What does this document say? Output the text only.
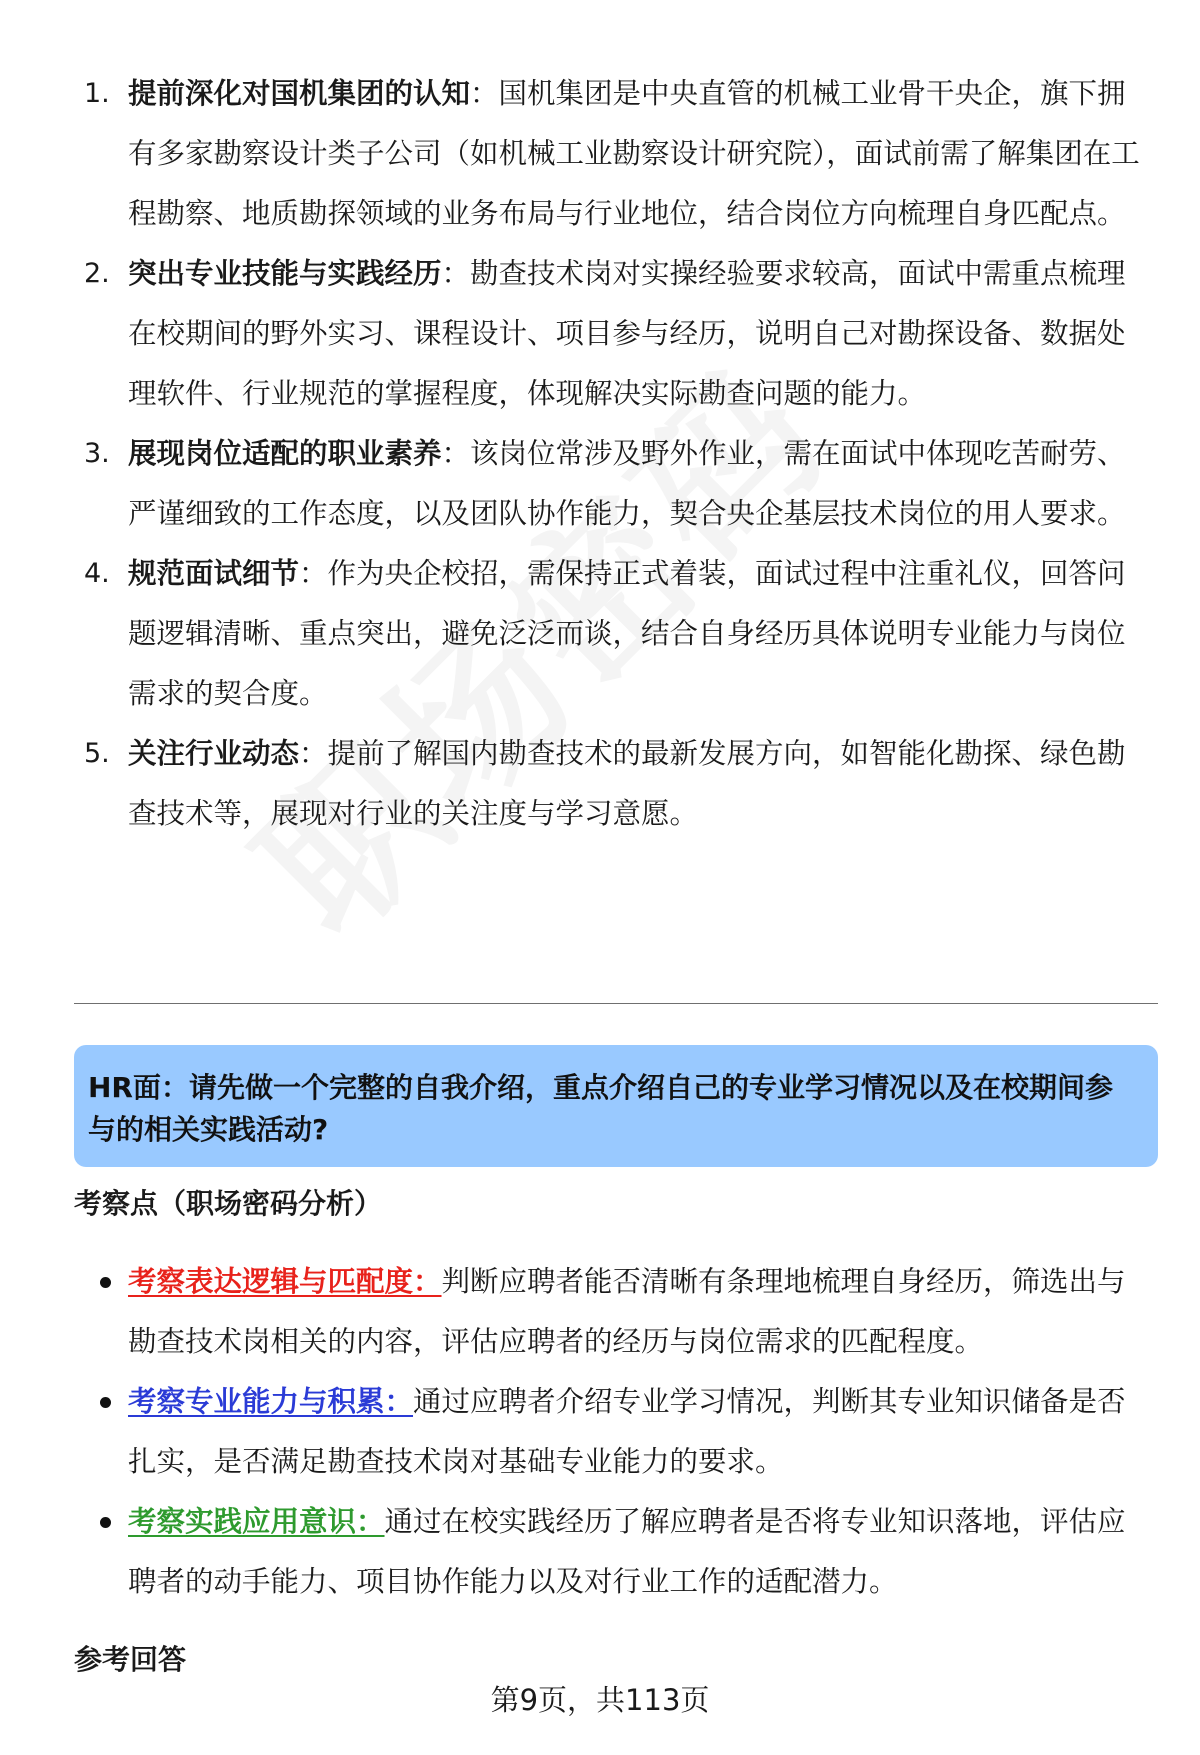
1. 提前深化对国机集团的认知：国机集团是中央直管的机械工业骨干央企，旗下拥有多家勘察设计类子公司（如机械工业勘察设计研究院），面试前需了解集团在工程勘察、地质勘探领域的业务布局与行业地位，结合岗位方向梳理自身匹配点。
2. 突出专业技能与实践经历：勘查技术岗对实操经验要求较高，面试中需重点梳理在校期间的野外实习、课程设计、项目参与经历，说明自己对勘探设备、数据处理软件、行业规范的掌握程度，体现解决实际勘查问题的能力。
3. 展现岗位适配的职业素养：该岗位常涉及野外作业，需在面试中体现吃苦耐劳、严谨细致的工作态度，以及团队协作能力，契合央企基层技术岗位的用人要求。
4. 规范面试细节：作为央企校招，需保持正式着装，面试过程中注重礼仪，回答问题逻辑清晰、重点突出，避免泛泛而谈，结合自身经历具体说明专业能力与岗位需求的契合度。
5. 关注行业动态：提前了解国内勘查技术的最新发展方向，如智能化勘探、绿色勘查技术等，展现对行业的关注度与学习意愿。
HR面：请先做一个完整的自我介绍，重点介绍自己的专业学习情况以及在校期间参与的相关实践活动?
考察点（职场密码分析）
考察表达逻辑与匹配度：判断应聘者能否清晰有条理地梳理自身经历，筛选出与勘查技术岗相关的内容，评估应聘者的经历与岗位需求的匹配程度。
考察专业能力与积累：通过应聘者介绍专业学习情况，判断其专业知识储备是否扎实，是否满足勘查技术岗对基础专业能力的要求。
考察实践应用意识：通过在校实践经历了解应聘者是否将专业知识落地，评估应聘者的动手能力、项目协作能力以及对行业工作的适配潜力。
参考回答
第9页，共113页
